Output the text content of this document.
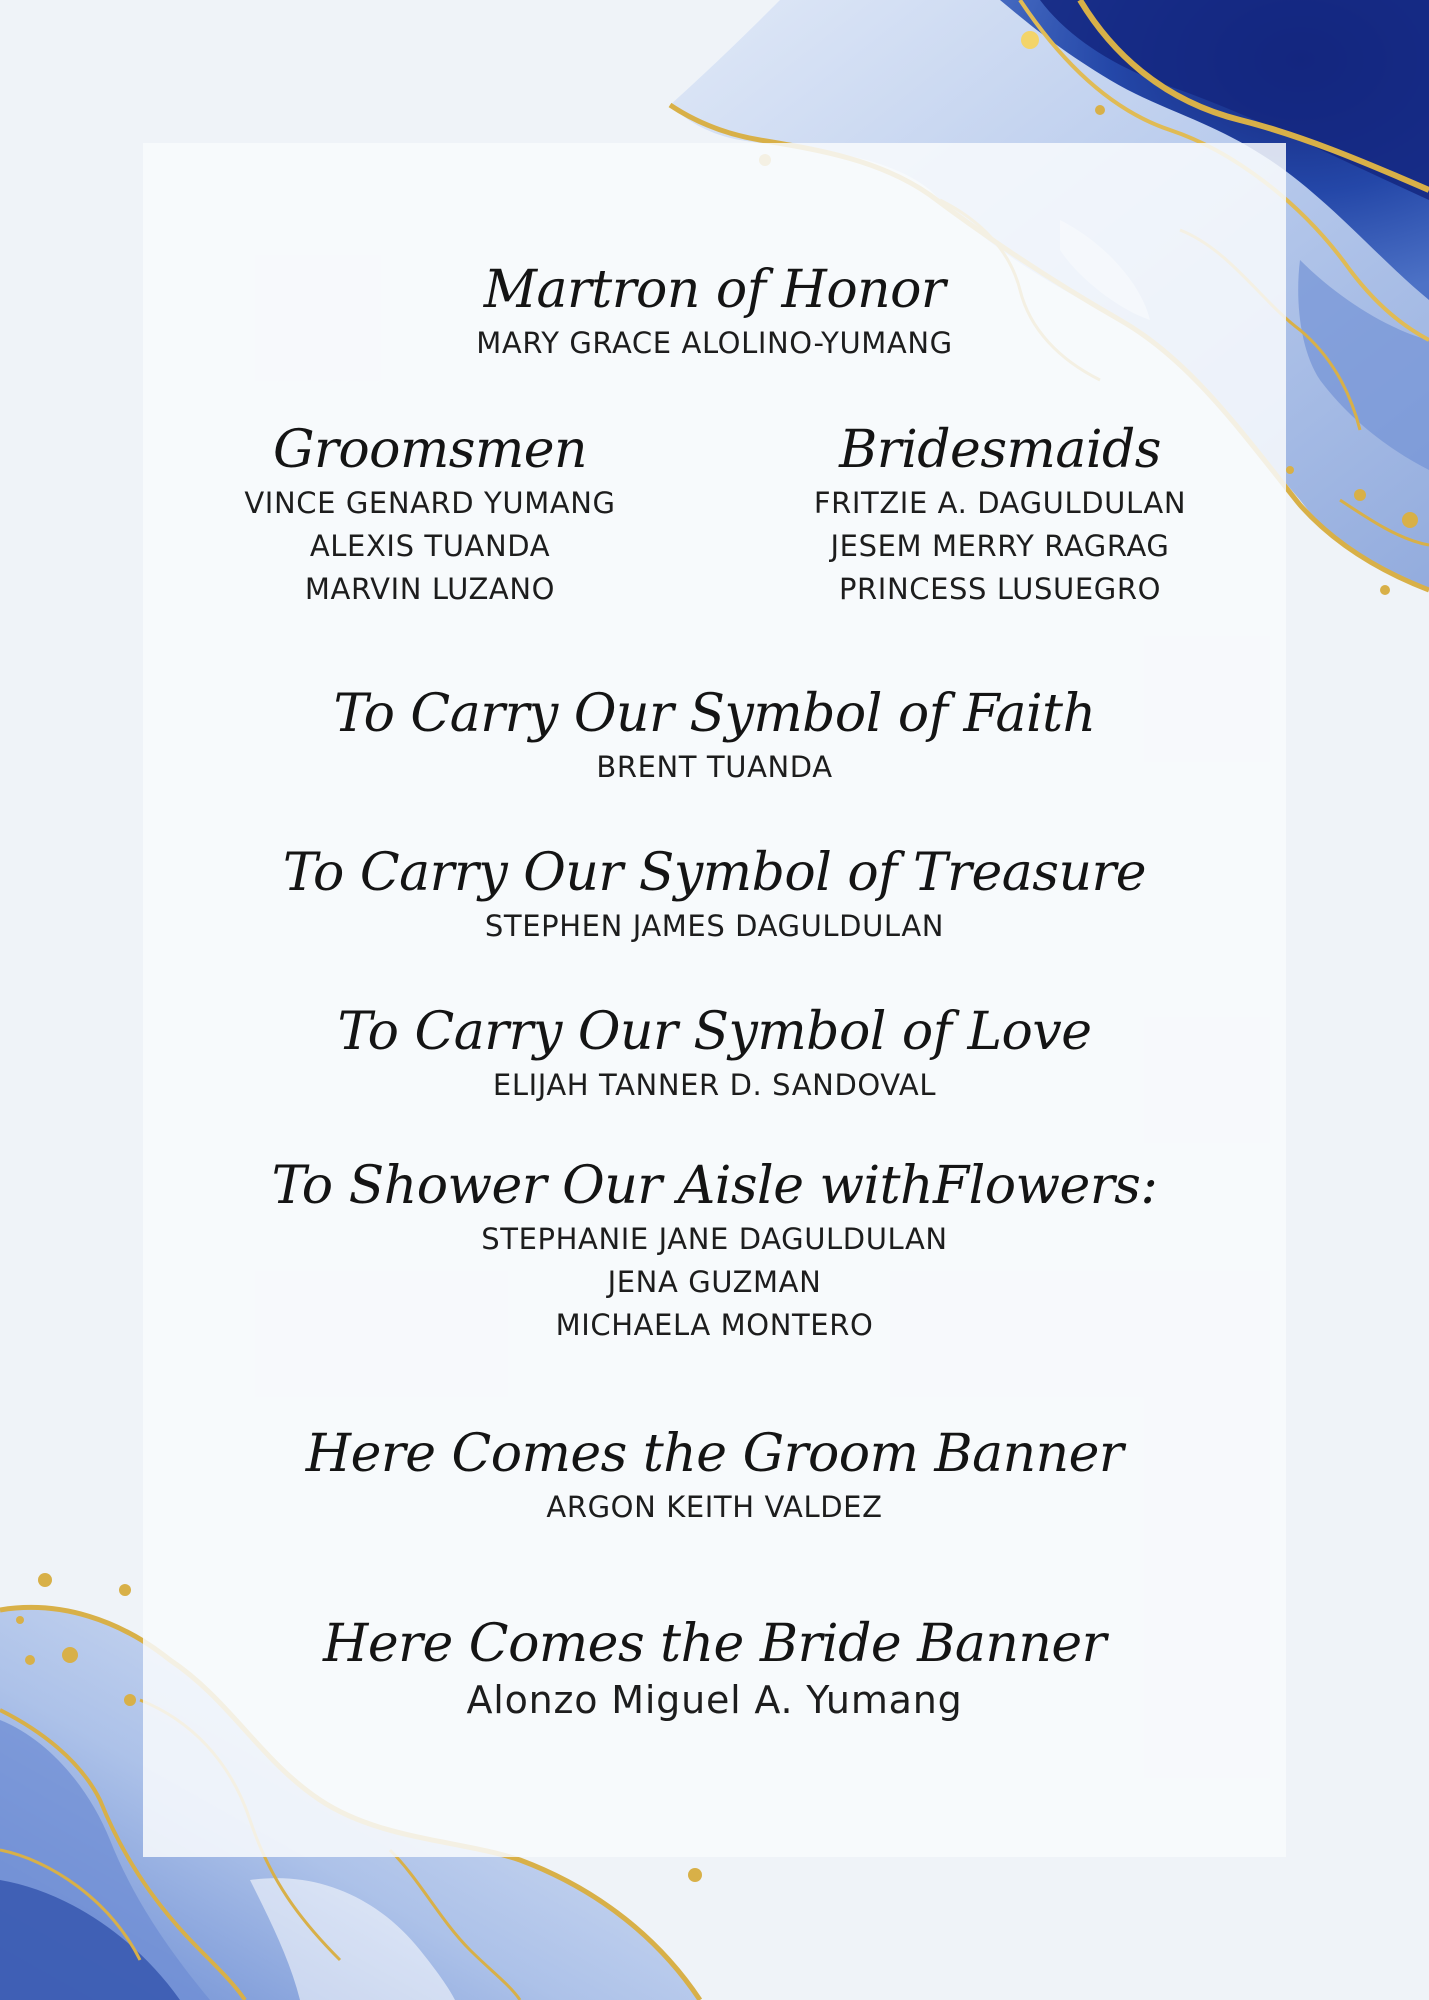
Martron of Honor
MARY GRACE ALOLINO-YUMANG
Groomsmen
VINCE GENARD YUMANG
ALEXIS TUANDA
MARVIN LUZANO
Bridesmaids
FRITZIE A. DAGULDULAN
JESEM MERRY RAGRAG
PRINCESS LUSUEGRO
To Carry Our Symbol of Faith
BRENT TUANDA
To Carry Our Symbol of Treasure
STEPHEN JAMES DAGULDULAN
To Carry Our Symbol of Love
ELIJAH TANNER D. SANDOVAL
To Shower Our Aisle withFlowers:
STEPHANIE JANE DAGULDULAN
JENA GUZMAN
MICHAELA MONTERO
Here Comes the Groom Banner
ARGON KEITH VALDEZ
Here Comes the Bride Banner
Alonzo Miguel A. Yumang
